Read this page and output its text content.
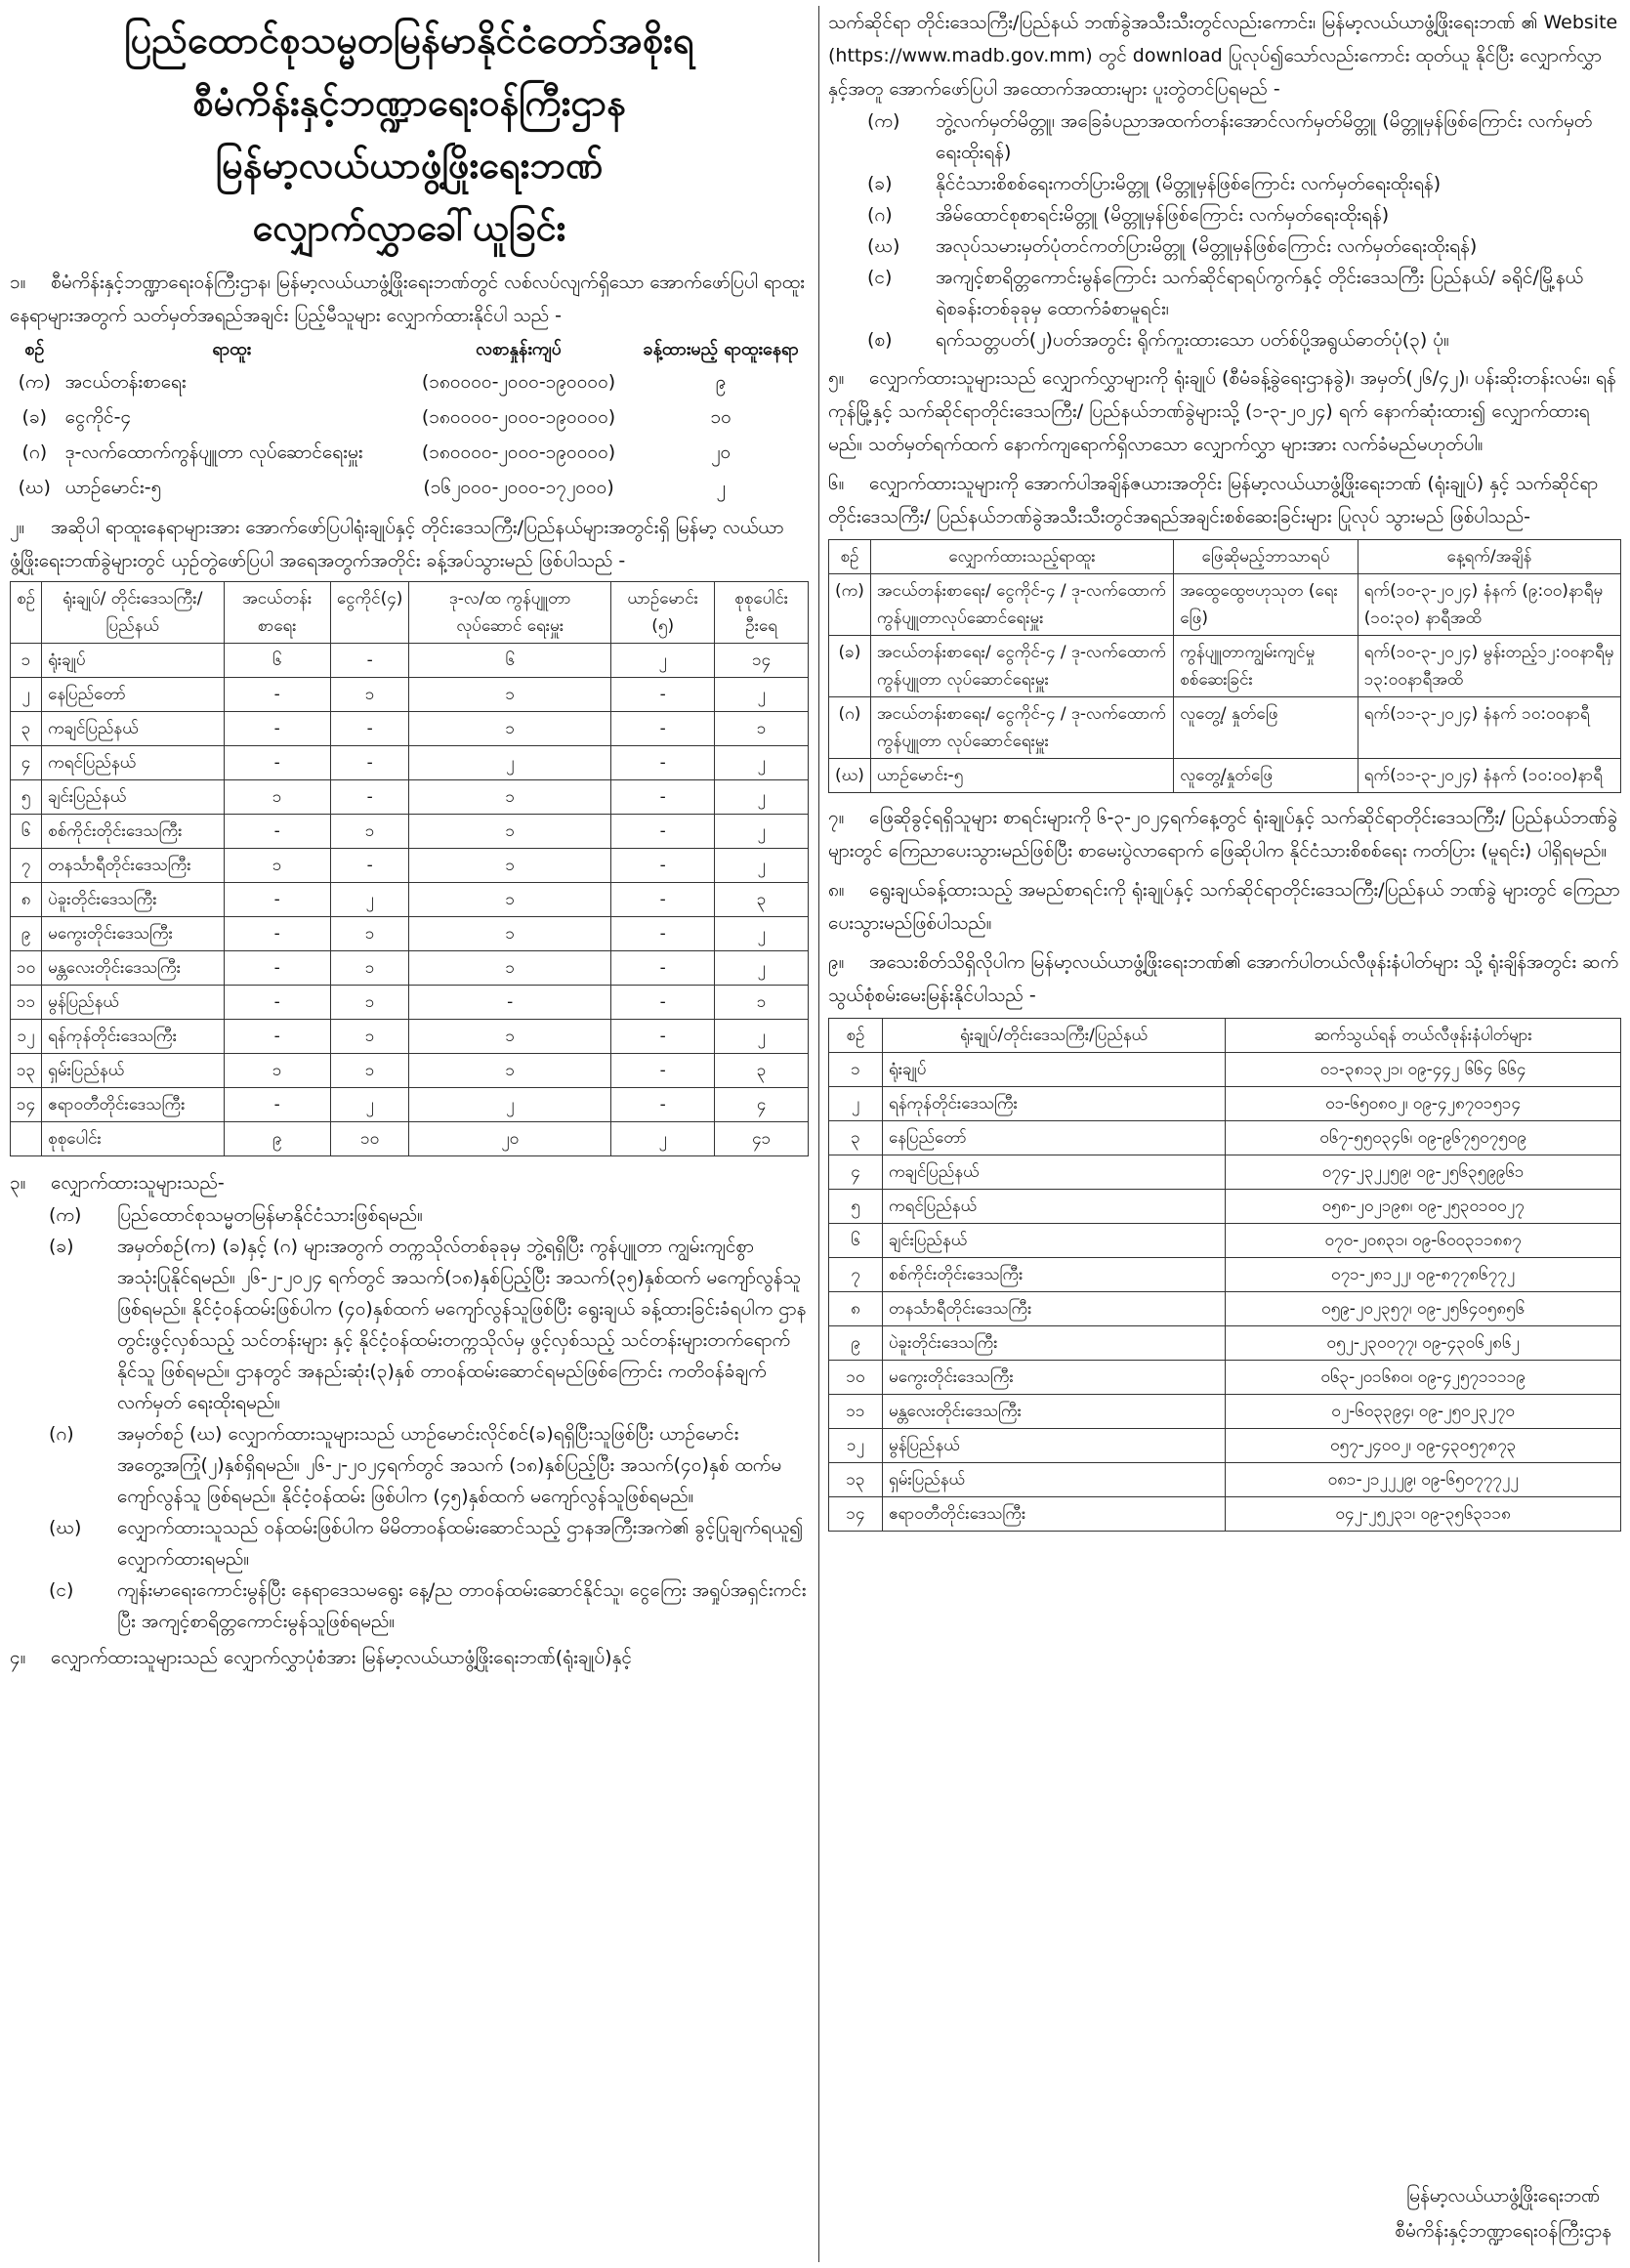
ပြည်ထောင်စုသမ္မတမြန်မာနိုင်ငံတော်အစိုးရ
စီမံကိန်းနှင့်ဘဏ္ဍာရေးဝန်ကြီးဌာန
မြန်မာ့လယ်ယာဖွံ့ဖြိုးရေးဘဏ်
လျှောက်လွှာခေါ်ယူခြင်း

၁။ စီမံကိန်းနှင့်ဘဏ္ဍာရေးဝန်ကြီးဌာန၊ မြန်မာ့လယ်ယာဖွံ့ဖြိုးရေးဘဏ်တွင် လစ်လပ်လျက်ရှိသော အောက်ဖော်ပြပါ ရာထူးနေရာများအတွက် သတ်မှတ်အရည်အချင်း ပြည့်မီသူများ လျှောက်ထားနိုင်ပါ သည် -

စဉ်	ရာထူး	လစာနှုန်းကျပ်	ခန့်ထားမည့် ရာထူးနေရာ
(က)	အငယ်တန်းစာရေး	(၁၈၀၀၀၀-၂၀၀၀-၁၉၀၀၀၀)	၉
(ခ)	ငွေကိုင်-၄	(၁၈၀၀၀၀-၂၀၀၀-၁၉၀၀၀၀)	၁၀
(ဂ)	ဒု-လက်ထောက်ကွန်ပျူတာ လုပ်ဆောင်ရေးမှူး	(၁၈၀၀၀၀-၂၀၀၀-၁၉၀၀၀၀)	၂၀
(ဃ)	ယာဉ်မောင်း-၅	(၁၆၂၀၀၀-၂၀၀၀-၁၇၂၀၀၀)	၂

၂။ အဆိုပါ ရာထူးနေရာများအား အောက်ဖော်ပြပါရုံးချုပ်နှင့် တိုင်းဒေသကြီး/ပြည်နယ်များအတွင်းရှိ မြန်မာ့ လယ်ယာဖွံ့ဖြိုးရေးဘဏ်ခွဲများတွင် ယှဉ်တွဲဖော်ပြပါ အရေအတွက်အတိုင်း ခန့်အပ်သွားမည် ဖြစ်ပါသည် -

စဉ်	ရုံးချုပ်/ တိုင်းဒေသကြီး/ ပြည်နယ်	အငယ်တန်း စာရေး	ငွေကိုင်(၄)	ဒု-လ/ထ ကွန်ပျူတာ လုပ်ဆောင် ရေးမှူး	ယာဉ်မောင်း (၅)	စုစုပေါင်း ဦးရေ
၁	ရုံးချုပ်	၆	-	၆	၂	၁၄
၂	နေပြည်တော်	-	၁	၁	-	၂
၃	ကချင်ပြည်နယ်	-	-	၁	-	၁
၄	ကရင်ပြည်နယ်	-	-	၂	-	၂
၅	ချင်းပြည်နယ်	၁	-	၁	-	၂
၆	စစ်ကိုင်းတိုင်းဒေသကြီး	-	၁	၁	-	၂
၇	တနင်္သာရီတိုင်းဒေသကြီး	၁	-	၁	-	၂
၈	ပဲခူးတိုင်းဒေသကြီး	-	၂	၁	-	၃
၉	မကွေးတိုင်းဒေသကြီး	-	၁	၁	-	၂
၁၀	မန္တလေးတိုင်းဒေသကြီး	-	၁	၁	-	၂
၁၁	မွန်ပြည်နယ်	-	၁	-	-	၁
၁၂	ရန်ကုန်တိုင်းဒေသကြီး	-	၁	၁	-	၂
၁၃	ရှမ်းပြည်နယ်	၁	၁	၁	-	၃
၁၄	ဧရာဝတီတိုင်းဒေသကြီး	-	၂	၂	-	၄
	စုစုပေါင်း	၉	၁၀	၂၀	၂	၄၁

၃။ လျှောက်ထားသူများသည်-

(က)	ပြည်ထောင်စုသမ္မတမြန်မာနိုင်ငံသားဖြစ်ရမည်။
(ခ)	အမှတ်စဉ်(က) (ခ)နှင့် (ဂ) များအတွက် တက္ကသိုလ်တစ်ခုခုမှ ဘွဲ့ရရှိပြီး ကွန်ပျူတာ ကျွမ်းကျင်စွာ အသုံးပြုနိုင်ရမည်။ ၂၆-၂-၂၀၂၄ ရက်တွင် အသက်(၁၈)နှစ်ပြည့်ပြီး အသက်(၃၅)နှစ်ထက် မကျော်လွန်သူဖြစ်ရမည်။ နိုင်ငံ့ဝန်ထမ်းဖြစ်ပါက (၄၀)နှစ်ထက် မကျော်လွန်သူဖြစ်ပြီး ရွေးချယ် ခန့်ထားခြင်းခံရပါက ဌာနတွင်းဖွင့်လှစ်သည့် သင်တန်းများ နှင့် နိုင်ငံ့ဝန်ထမ်းတက္ကသိုလ်မှ ဖွင့်လှစ်သည့် သင်တန်းများတက်ရောက်နိုင်သူ ဖြစ်ရမည်။ ဌာနတွင် အနည်းဆုံး(၃)နှစ် တာဝန်ထမ်းဆောင်ရမည်ဖြစ်ကြောင်း ကတိဝန်ခံချက်လက်မှတ် ရေးထိုးရမည်။
(ဂ)	အမှတ်စဉ် (ဃ) လျှောက်ထားသူများသည် ယာဉ်မောင်းလိုင်စင်(ခ)ရရှိပြီးသူဖြစ်ပြီး ယာဉ်မောင်း အတွေ့အကြုံ(၂)နှစ်ရှိရမည်။ ၂၆-၂-၂၀၂၄ရက်တွင် အသက် (၁၈)နှစ်ပြည့်ပြီး အသက်(၄၀)နှစ် ထက်မကျော်လွန်သူ ဖြစ်ရမည်။ နိုင်ငံ့ဝန်ထမ်း ဖြစ်ပါက (၄၅)နှစ်ထက် မကျော်လွန်သူဖြစ်ရမည်။
(ဃ)	လျှောက်ထားသူသည် ဝန်ထမ်းဖြစ်ပါက မိမိတာဝန်ထမ်းဆောင်သည့် ဌာနအကြီးအကဲ၏ ခွင့်ပြုချက်ရယူ၍ လျှောက်ထားရမည်။
(င)	ကျန်းမာရေးကောင်းမွန်ပြီး နေရာဒေသမရွေး နေ့/ည တာဝန်ထမ်းဆောင်နိုင်သူ၊ ငွေကြေး အရှုပ်အရှင်းကင်းပြီး အကျင့်စာရိတ္တကောင်းမွန်သူဖြစ်ရမည်။

၄။ လျှောက်ထားသူများသည် လျှောက်လွှာပုံစံအား မြန်မာ့လယ်ယာဖွံ့ဖြိုးရေးဘဏ်(ရုံးချုပ်)နှင့်

သက်ဆိုင်ရာ တိုင်းဒေသကြီး/ပြည်နယ် ဘဏ်ခွဲအသီးသီးတွင်လည်းကောင်း၊ မြန်မာ့လယ်ယာဖွံ့ဖြိုးရေးဘဏ် ၏ Website (https://www.madb.gov.mm) တွင် download ပြုလုပ်၍သော်လည်းကောင်း ထုတ်ယူ နိုင်ပြီး လျှောက်လွှာနှင့်အတူ အောက်ဖော်ပြပါ အထောက်အထားများ ပူးတွဲတင်ပြရမည် -

(က)	ဘွဲ့လက်မှတ်မိတ္တူ၊ အခြေခံပညာအထက်တန်းအောင်လက်မှတ်မိတ္တူ (မိတ္တူမှန်ဖြစ်ကြောင်း လက်မှတ်ရေးထိုးရန်)
(ခ)	နိုင်ငံသားစိစစ်ရေးကတ်ပြားမိတ္တူ (မိတ္တူမှန်ဖြစ်ကြောင်း လက်မှတ်ရေးထိုးရန်)
(ဂ)	အိမ်ထောင်စုစာရင်းမိတ္တူ (မိတ္တူမှန်ဖြစ်ကြောင်း လက်မှတ်ရေးထိုးရန်)
(ဃ)	အလုပ်သမားမှတ်ပုံတင်ကတ်ပြားမိတ္တူ (မိတ္တူမှန်ဖြစ်ကြောင်း လက်မှတ်ရေးထိုးရန်)
(င)	အကျင့်စာရိတ္တကောင်းမွန်ကြောင်း သက်ဆိုင်ရာရပ်ကွက်နှင့် တိုင်းဒေသကြီး ပြည်နယ်/ ခရိုင်/မြို့နယ် ရဲစခန်းတစ်ခုခုမှ ထောက်ခံစာမူရင်း၊
(စ)	ရက်သတ္တပတ်(၂)ပတ်အတွင်း ရိုက်ကူးထားသော ပတ်စ်ပို့အရွယ်ဓာတ်ပုံ(၃) ပုံ။

၅။ လျှောက်ထားသူများသည် လျှောက်လွှာများကို ရုံးချုပ် (စီမံခန့်ခွဲရေးဌာနခွဲ)၊ အမှတ်(၂၆/၄၂)၊ ပန်းဆိုးတန်းလမ်း၊ ရန်ကုန်မြို့နှင့် သက်ဆိုင်ရာတိုင်းဒေသကြီး/ ပြည်နယ်ဘဏ်ခွဲများသို့ (၁-၃-၂၀၂၄) ရက် နောက်ဆုံးထား၍ လျှောက်ထားရမည်။ သတ်မှတ်ရက်ထက် နောက်ကျရောက်ရှိလာသော လျှောက်လွှာ များအား လက်ခံမည်မဟုတ်ပါ။

၆။ လျှောက်ထားသူများကို အောက်ပါအချိန်ဇယားအတိုင်း မြန်မာ့လယ်ယာဖွံ့ဖြိုးရေးဘဏ် (ရုံးချုပ်) နှင့် သက်ဆိုင်ရာတိုင်းဒေသကြီး/ ပြည်နယ်ဘဏ်ခွဲအသီးသီးတွင်အရည်အချင်းစစ်ဆေးခြင်းများ ပြုလုပ် သွားမည် ဖြစ်ပါသည်-

စဉ်	လျှောက်ထားသည့်ရာထူး	ဖြေဆိုမည့်ဘာသာရပ်	နေ့ရက်/အချိန်
(က)	အငယ်တန်းစာရေး/ ငွေကိုင်-၄ / ဒု-လက်ထောက် ကွန်ပျူတာလုပ်ဆောင်ရေးမှူး	အထွေထွေဗဟုသုတ (ရေးဖြေ)	ရက်(၁၀-၃-၂၀၂၄) နံနက် (၉:၀၀)နာရီမှ (၁၀:၃၀) နာရီအထိ
(ခ)	အငယ်တန်းစာရေး/ ငွေကိုင်-၄ / ဒု-လက်ထောက် ကွန်ပျူတာ လုပ်ဆောင်ရေးမှူး	ကွန်ပျူတာကျွမ်းကျင်မှု စစ်ဆေးခြင်း	ရက်(၁၀-၃-၂၀၂၄) မွန်းတည့်၁၂:၀၀နာရီမှ ၁၃:၀၀နာရီအထိ
(ဂ)	အငယ်တန်းစာရေး/ ငွေကိုင်-၄ / ဒု-လက်ထောက် ကွန်ပျူတာ လုပ်ဆောင်ရေးမှူး	လူတွေ့/ နှုတ်ဖြေ	ရက်(၁၁-၃-၂၀၂၄) နံနက် ၁၀:၀၀နာရီ
(ဃ)	ယာဉ်မောင်း-၅	လူတွေ့/နှုတ်ဖြေ	ရက်(၁၁-၃-၂၀၂၄) နံနက် (၁၀:၀၀)နာရီ

၇။ ဖြေဆိုခွင့်ရရှိသူများ စာရင်းများကို ၆-၃-၂၀၂၄ရက်နေ့တွင် ရုံးချုပ်နှင့် သက်ဆိုင်ရာတိုင်းဒေသကြီး/ ပြည်နယ်ဘဏ်ခွဲများတွင် ကြေညာပေးသွားမည်ဖြစ်ပြီး စာမေးပွဲလာရောက် ဖြေဆိုပါက နိုင်ငံသားစိစစ်ရေး ကတ်ပြား (မူရင်း) ပါရှိရမည်။

၈။ ရွေးချယ်ခန့်ထားသည့် အမည်စာရင်းကို ရုံးချုပ်နှင့် သက်ဆိုင်ရာတိုင်းဒေသကြီး/ပြည်နယ် ဘဏ်ခွဲ များတွင် ကြေညာပေးသွားမည်ဖြစ်ပါသည်။

၉။ အသေးစိတ်သိရှိလိုပါက မြန်မာ့လယ်ယာဖွံ့ဖြိုးရေးဘဏ်၏ အောက်ပါတယ်လီဖုန်းနံပါတ်များ သို့ ရုံးချိန်အတွင်း ဆက်သွယ်စုံစမ်းမေးမြန်းနိုင်ပါသည် -

စဉ်	ရုံးချုပ်/တိုင်းဒေသကြီး/ပြည်နယ်	ဆက်သွယ်ရန် တယ်လီဖုန်းနံပါတ်များ
၁	ရုံးချုပ်	၀၁-၃၈၁၃၂၁၊ ၀၉-၄၄၂ ၆၆၄ ၆၆၄
၂	ရန်ကုန်တိုင်းဒေသကြီး	၀၁-၆၅၀၈၀၂၊ ၀၉-၄၂၈၇၀၁၅၁၄
၃	နေပြည်တော်	၀၆၇-၅၅၀၃၄၆၊ ၀၉-၉၆၇၅၀၇၅၀၉
၄	ကချင်ပြည်နယ်	၀၇၄-၂၃၂၂၅၉၊ ၀၉-၂၅၆၃၅၉၉၆၁
၅	ကရင်ပြည်နယ်	၀၅၈-၂၀၂၁၉၈၊ ၀၉-၂၅၃၀၁၀၀၂၇
၆	ချင်းပြည်နယ်	၀၇၀-၂၀၈၃၁၊ ၀၉-၆၀၀၃၁၁၈၈၇
၇	စစ်ကိုင်းတိုင်းဒေသကြီး	၀၇၁-၂၈၁၂၂၊ ၀၉-၈၇၇၈၆၇၇၂
၈	တနင်္သာရီတိုင်းဒေသကြီး	၀၅၉-၂၀၂၃၅၇၊ ၀၉-၂၅၆၄၀၅၈၅၆
၉	ပဲခူးတိုင်းဒေသကြီး	၀၅၂-၂၃၀၀၇၇၊ ၀၉-၄၃၀၆၂၈၆၂
၁၀	မကွေးတိုင်းဒေသကြီး	၀၆၃-၂၀၁၆၈၀၊ ၀၉-၄၂၅၇၁၁၁၁၉
၁၁	မန္တလေးတိုင်းဒေသကြီး	၀၂-၆၀၃၃၉၄၊ ၀၉-၂၅၀၂၃၂၇၀
၁၂	မွန်ပြည်နယ်	၀၅၇-၂၄၀၀၂၊ ၀၉-၄၃၀၅၇၈၇၃
၁၃	ရှမ်းပြည်နယ်	၀၈၁-၂၁၂၂၂၉၊ ၀၉-၆၅၀၇၇၇၂၂
၁၄	ဧရာဝတီတိုင်းဒေသကြီး	၀၄၂-၂၅၂၃၁၊ ၀၉-၃၅၆၃၁၁၈
မြန်မာ့လယ်ယာဖွံ့ဖြိုးရေးဘဏ်
စီမံကိန်းနှင့်ဘဏ္ဍာရေးဝန်ကြီးဌာန
